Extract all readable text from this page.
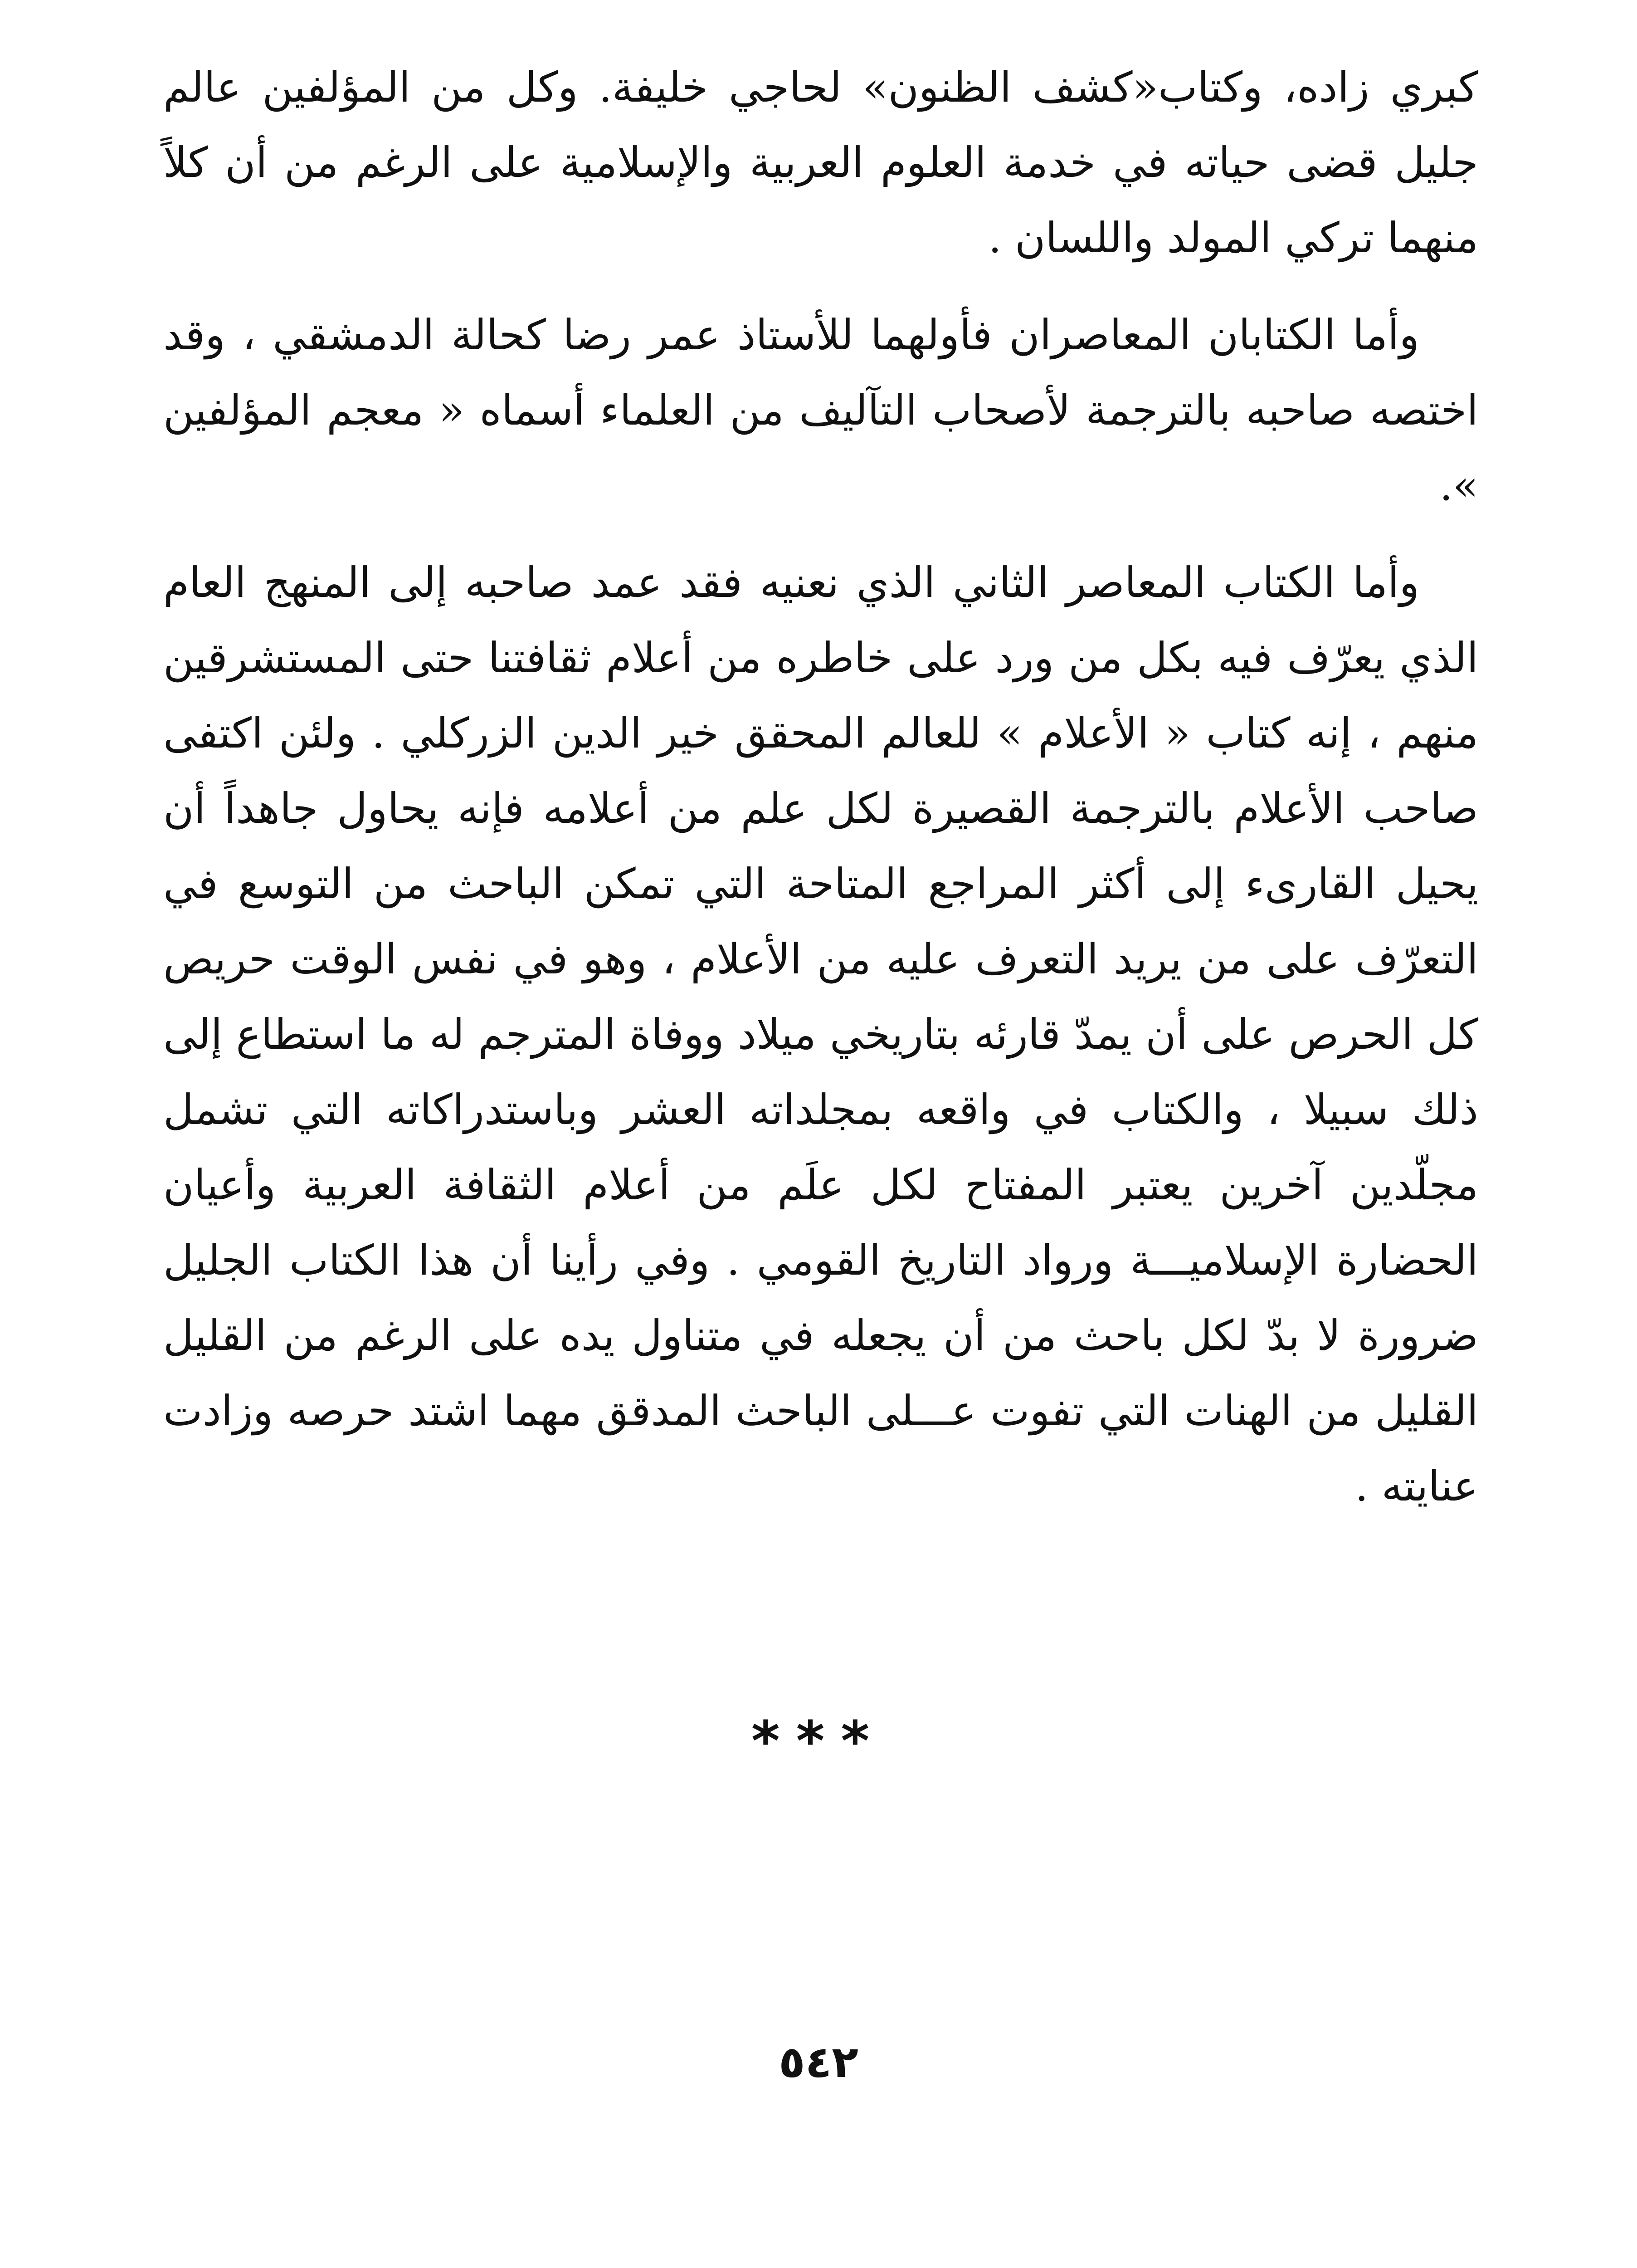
كبري زاده، وكتاب«كشف الظنون» لحاجي خليفة. وكل من المؤلفين عالم جليل قضى حياته في خدمة العلوم العربية والإسلامية على الرغم من أن كلاً منهما تركي المولد واللسان .

وأما الكتابان المعاصران فأولهما للأستاذ عمر رضا كحالة الدمشقي ، وقد اختصه صاحبه بالترجمة لأصحاب التآليف من العلماء أسماه « معجم المؤلفين ».

وأما الكتاب المعاصر الثاني الذي نعنيه فقد عمد صاحبه إلى المنهج العام الذي يعرّف فيه بكل من ورد على خاطره من أعلام ثقافتنا حتى المستشرقين منهم ، إنه كتاب « الأعلام » للعالم المحقق خير الدين الزركلي . ولئن اكتفى صاحب الأعلام بالترجمة القصيرة لكل علم من أعلامه فإنه يحاول جاهداً أن يحيل القارىء إلى أكثر المراجع المتاحة التي تمكن الباحث من التوسع في التعرّف على من يريد التعرف عليه من الأعلام ، وهو في نفس الوقت حريص كل الحرص على أن يمدّ قارئه بتاريخي ميلاد ووفاة المترجم له ما استطاع إلى ذلك سبيلا ، والكتاب في واقعه بمجلداته العشر وباستدراكاته التي تشمل مجلّدين آخرين يعتبر المفتاح لكل علَم من أعلام الثقافة العربية وأعيان الحضارة الإسلاميـــة ورواد التاريخ القومي . وفي رأينا أن هذا الكتاب الجليل ضرورة لا بدّ لكل باحث من أن يجعله في متناول يده على الرغم من القليل القليل من الهنات التي تفوت عـــلى الباحث المدقق مهما اشتد حرصه وزادت عنايته .

***
٥٤٢
